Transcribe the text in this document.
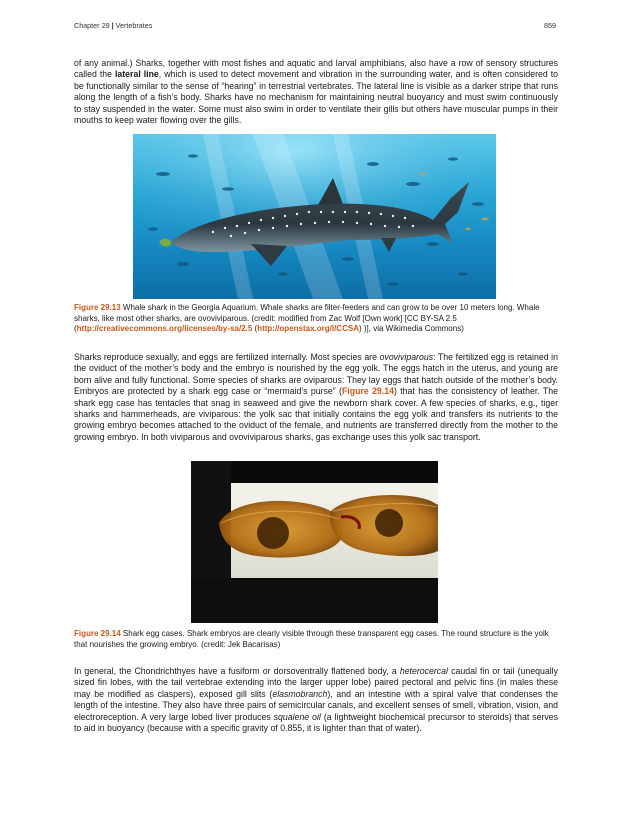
Chapter 29 | Vertebrates	859

of any animal.) Sharks, together with most fishes and aquatic and larval amphibians, also have a row of sensory structures called the lateral line, which is used to detect movement and vibration in the surrounding water, and is often considered to be functionally similar to the sense of “hearing” in terrestrial vertebrates. The lateral line is visible as a darker stripe that runs along the length of a fish’s body. Sharks have no mechanism for maintaining neutral buoyancy and must swim continuously to stay suspended in the water. Some must also swim in order to ventilate their gills but others have muscular pumps in their mouths to keep water flowing over the gills.

Figure 29.13 Whale shark in the Georgia Aquarium. Whale sharks are filter-feeders and can grow to be over 10 meters long. Whale sharks, like most other sharks, are ovoviviparous. (credit: modified from Zac Wolf [Own work] [CC BY-SA 2.5 (http://creativecommons.org/licenses/by-sa/2.5 (http://openstax.org/l/CCSA) )], via Wikimedia Commons)

Sharks reproduce sexually, and eggs are fertilized internally. Most species are ovoviviparous: The fertilized egg is retained in the oviduct of the mother’s body and the embryo is nourished by the egg yolk. The eggs hatch in the uterus, and young are born alive and fully functional. Some species of sharks are oviparous: They lay eggs that hatch outside of the mother’s body. Embryos are protected by a shark egg case or “mermaid’s purse” (Figure 29.14) that has the consistency of leather. The shark egg case has tentacles that snag in seaweed and give the newborn shark cover. A few species of sharks, e.g., tiger sharks and hammerheads, are viviparous: the yolk sac that initially contains the egg yolk and transfers its nutrients to the growing embryo becomes attached to the oviduct of the female, and nutrients are transferred directly from the mother to the growing embryo. In both viviparous and ovoviviparous sharks, gas exchange uses this yolk sac transport.

Figure 29.14 Shark egg cases. Shark embryos are clearly visible through these transparent egg cases. The round structure is the yolk that nourishes the growing embryo. (credit: Jek Bacarisas)

In general, the Chondrichthyes have a fusiform or dorsoventrally flattened body, a heterocercal caudal fin or tail (unequally sized fin lobes, with the tail vertebrae extending into the larger upper lobe) paired pectoral and pelvic fins (in males these may be modified as claspers), exposed gill slits (elasmobranch), and an intestine with a spiral valve that condenses the length of the intestine. They also have three pairs of semicircular canals, and excellent senses of smell, vibration, vision, and electroreception. A very large lobed liver produces squalene oil (a lightweight biochemical precursor to steroids) that serves to aid in buoyancy (because with a specific gravity of 0.855, it is lighter than that of water).
